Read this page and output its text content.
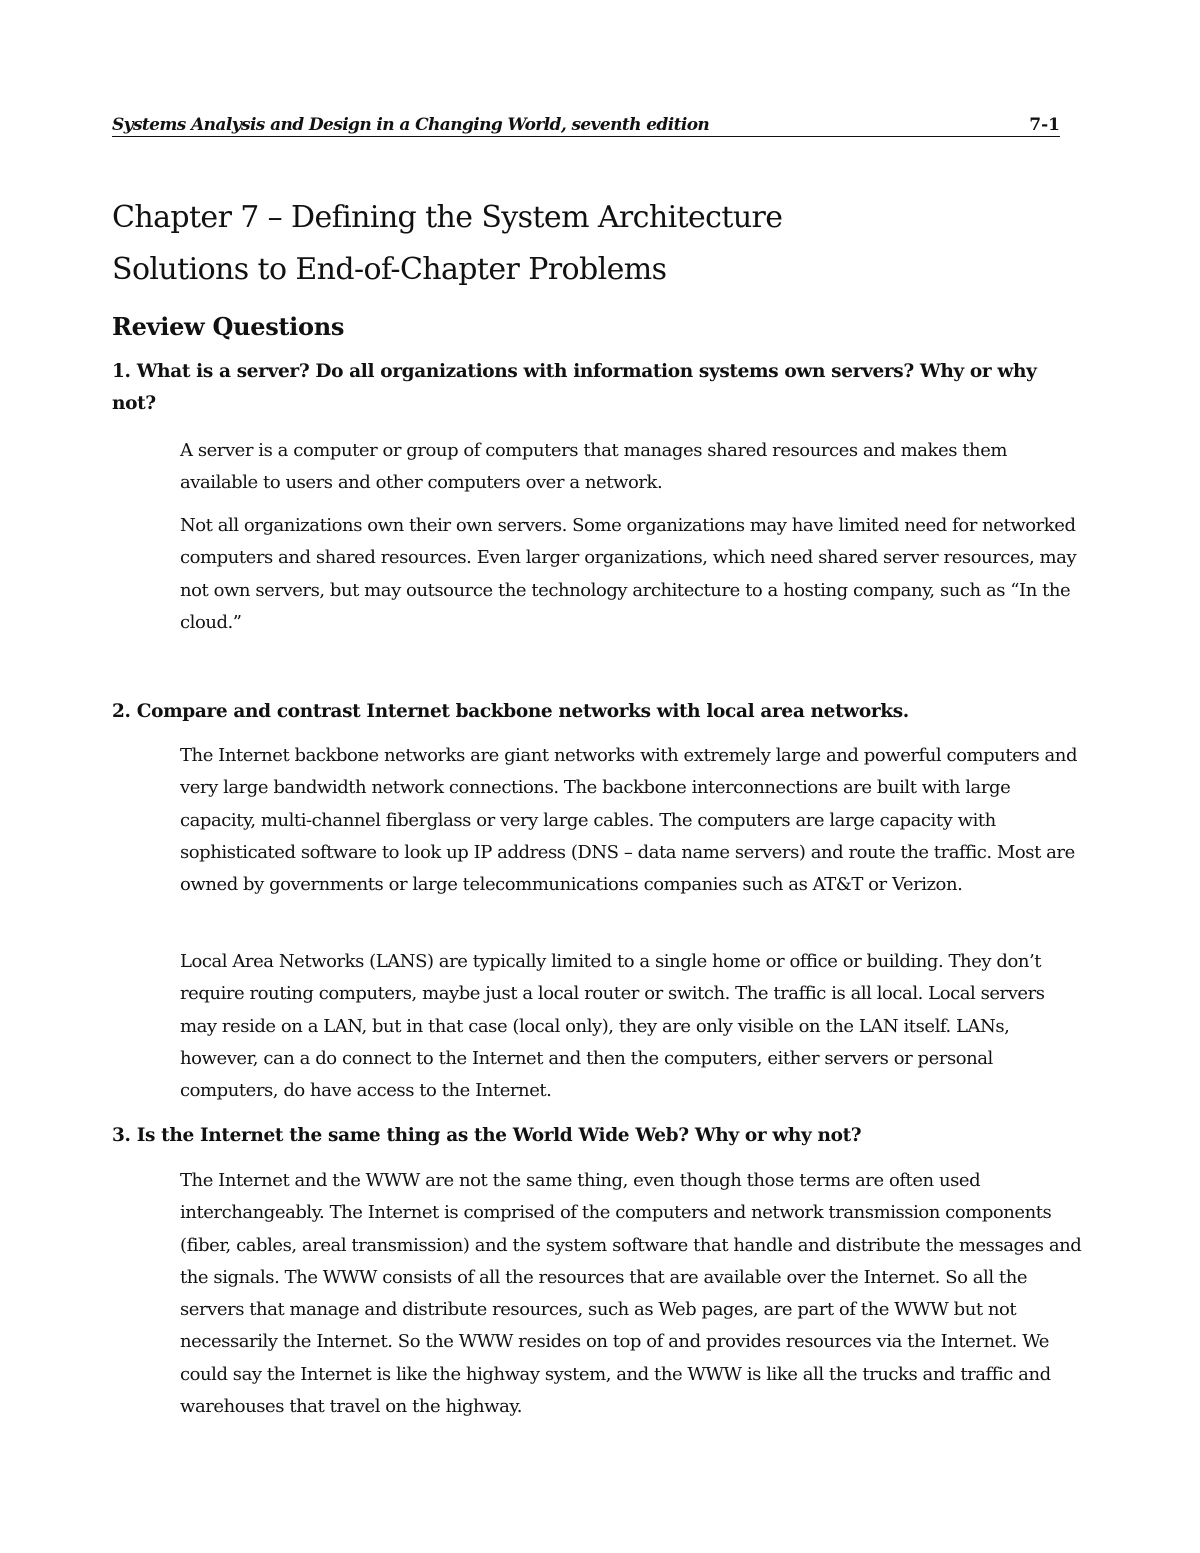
Systems Analysis and Design in a Changing World, seventh edition	7-1
Chapter 7 – Defining the System Architecture
Solutions to End-of-Chapter Problems
Review Questions

1. What is a server? Do all organizations with information systems own servers? Why or why not?

A server is a computer or group of computers that manages shared resources and makes them available to users and other computers over a network.

Not all organizations own their own servers. Some organizations may have limited need for networked computers and shared resources. Even larger organizations, which need shared server resources, may not own servers, but may outsource the technology architecture to a hosting company, such as “In the cloud.”

2. Compare and contrast Internet backbone networks with local area networks.

The Internet backbone networks are giant networks with extremely large and powerful computers and very large bandwidth network connections. The backbone interconnections are built with large capacity, multi-channel fiberglass or very large cables. The computers are large capacity with sophisticated software to look up IP address (DNS – data name servers) and route the traffic. Most are owned by governments or large telecommunications companies such as AT&T or Verizon.

Local Area Networks (LANS) are typically limited to a single home or office or building. They don’t require routing computers, maybe just a local router or switch. The traffic is all local. Local servers may reside on a LAN, but in that case (local only), they are only visible on the LAN itself. LANs, however, can a do connect to the Internet and then the computers, either servers or personal computers, do have access to the Internet.

3. Is the Internet the same thing as the World Wide Web? Why or why not?

The Internet and the WWW are not the same thing, even though those terms are often used interchangeably. The Internet is comprised of the computers and network transmission components (fiber, cables, areal transmission) and the system software that handle and distribute the messages and the signals. The WWW consists of all the resources that are available over the Internet. So all the servers that manage and distribute resources, such as Web pages, are part of the WWW but not necessarily the Internet. So the WWW resides on top of and provides resources via the Internet. We could say the Internet is like the highway system, and the WWW is like all the trucks and traffic and warehouses that travel on the highway.
